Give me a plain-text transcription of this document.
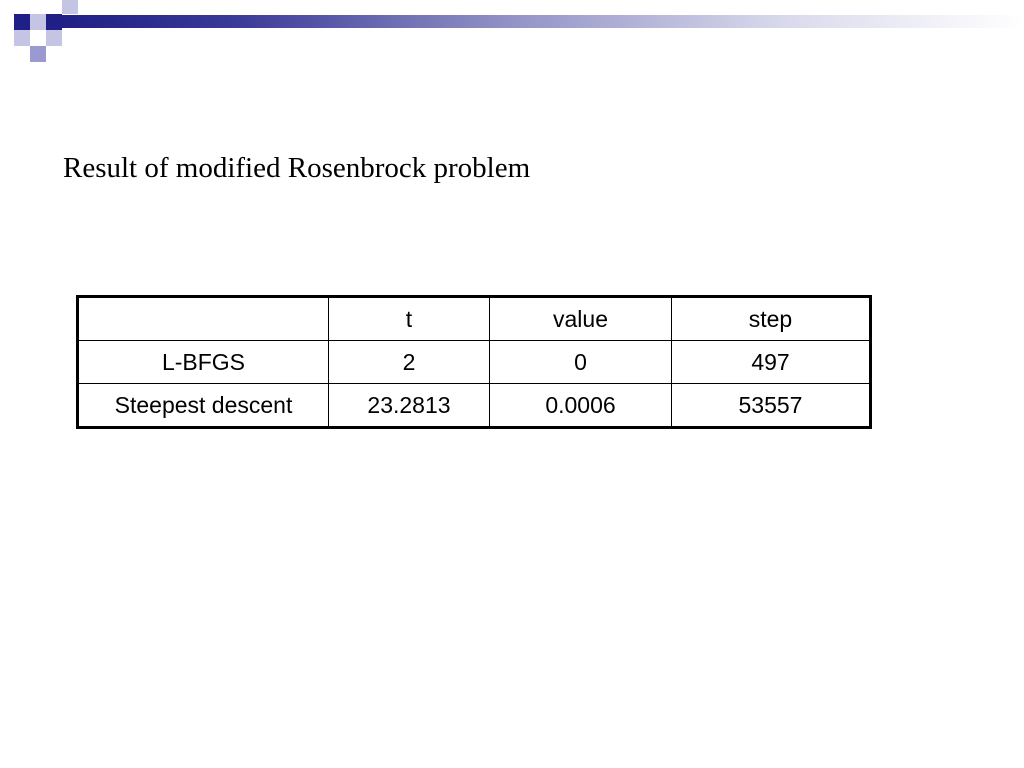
Result of modified Rosenbrock problem
	t	value	step
L-BFGS	2	0	497
Steepest descent	23.2813	0.0006	53557
